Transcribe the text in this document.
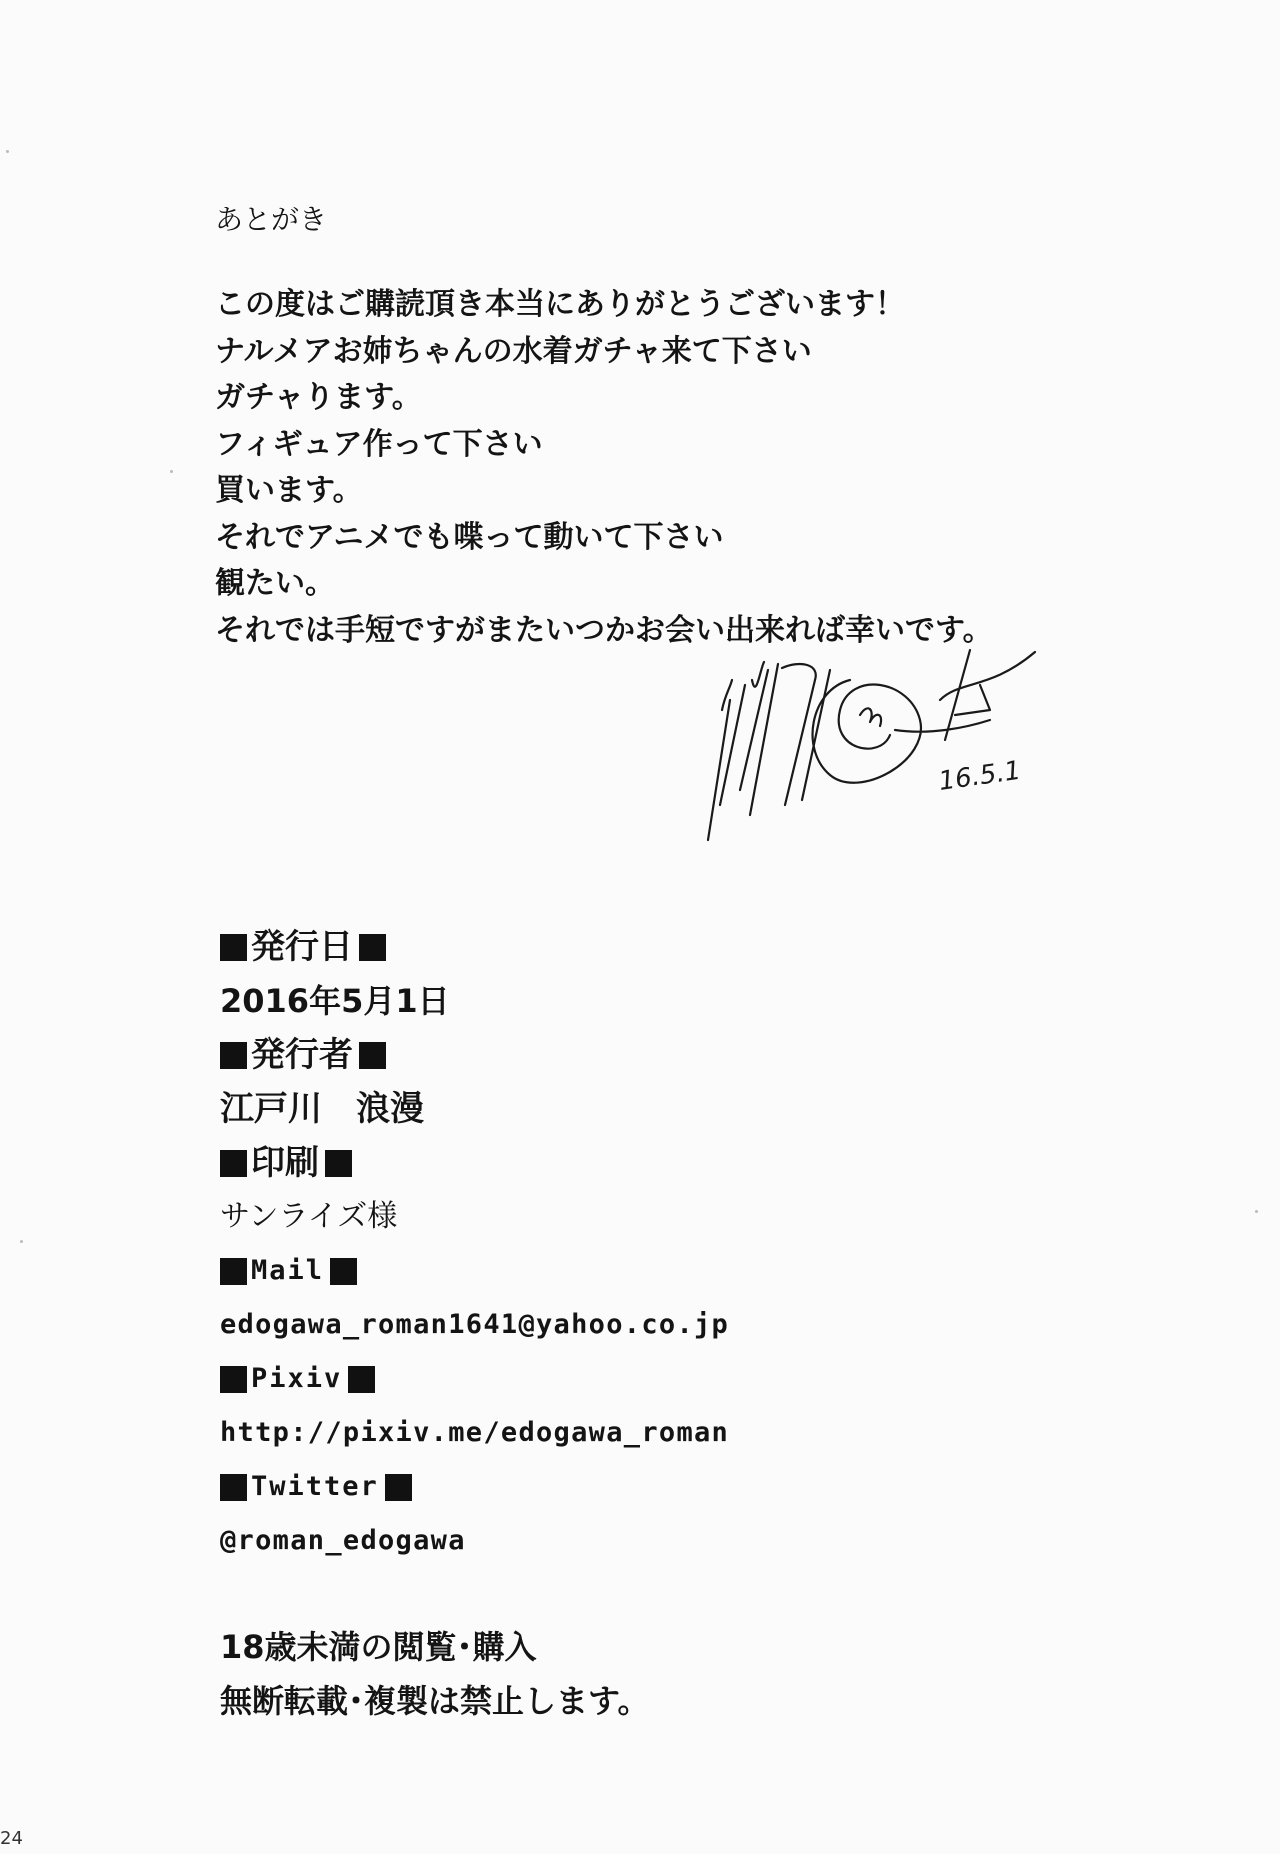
あとがき

この度はご購読頂き本当にありがとうございます！

ナルメアお姉ちゃんの水着ガチャ来て下さい

ガチャります。

フィギュア作って下さい

買います。

それでアニメでも喋って動いて下さい

観たい。

それでは手短ですがまたいつかお会い出来れば幸いです。

16.5.1
発行日
2016年5月1日
発行者
江戸川　浪漫
印刷
サンライズ様
Mail
edogawa_roman1641@yahoo.co.jp
Pixiv
http://pixiv.me/edogawa_roman
Twitter
@roman_edogawa

18歳未満の閲覧･購入

無断転載･複製は禁止します。

24
